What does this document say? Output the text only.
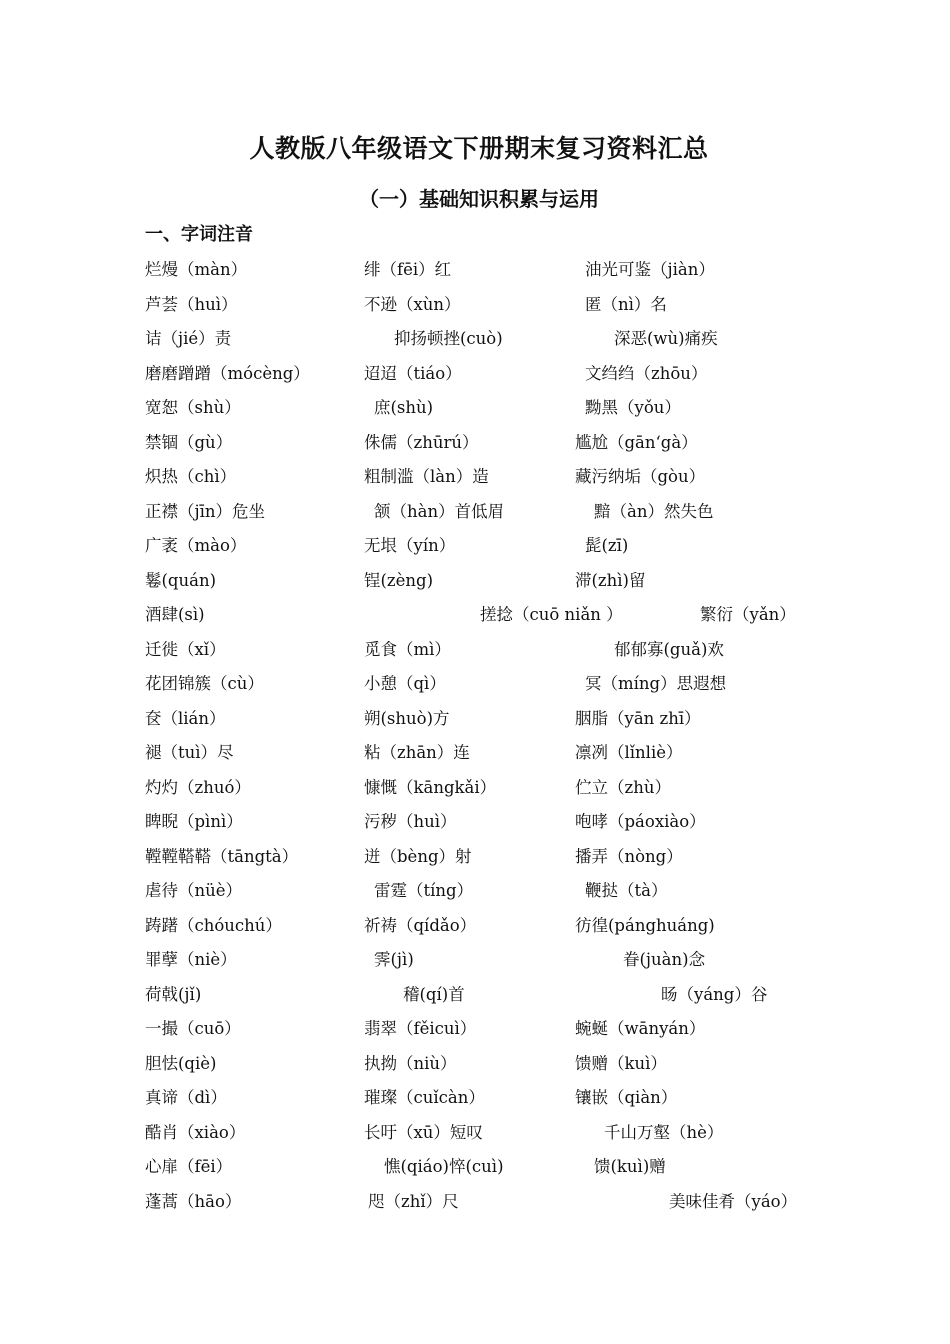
人教版八年级语文下册期末复习资料汇总
（一）基础知识积累与运用
一、字词注音
烂熳（màn）	绯（fēi）红	油光可鉴（jiàn）
芦荟（huì）	不逊（xùn）	匿（nì）名
诘（jié）责	抑扬顿挫(cuò)	深恶(wù)痛疾
磨磨蹭蹭（mócèng）	迢迢（tiáo）	文绉绉（zhōu）
宽恕（shù）	庶(shù)	黝黑（yǒu）
禁锢（gù）	侏儒（zhūrú）	尴尬（gān‘gà）
炽热（chì）	粗制滥（làn）造	藏污纳垢（gòu）
正襟（jīn）危坐	颔（hàn）首低眉	黯（àn）然失色
广袤（mào）	无垠（yín）	髭(zī)
鬈(quán)	锃(zèng)	滞(zhì)留
酒肆(sì)	搓捻（cuō niǎn ）	繁衍（yǎn）
迁徙（xǐ）	觅食（mì）	郁郁寡(guǎ)欢
花团锦簇（cù）	小憩（qì）	冥（míng）思遐想
奁（lián）	朔(shuò)方	胭脂（yān zhī）
褪（tuì）尽	粘（zhān）连	凛冽（lǐnliè）
灼灼（zhuó）	慷慨（kāngkǎi）	伫立（zhù）
睥睨（pìnì）	污秽（huì）	咆哮（páoxiào）
鞺鞺鞳鞳（tāngtà）	迸（bèng）射	播弄（nòng）
虐待（nüè）	雷霆（tíng）	鞭挞（tà）
踌躇（chóuchú）	祈祷（qídǎo）	彷徨(pánghuáng)
罪孽（niè）	霁(jì)	眷(juàn)念
荷戟(jǐ)	稽(qí)首	旸（yáng）谷
一撮（cuō）	翡翠（fěicuì）	蜿蜒（wānyán）
胆怯(qiè)	执拗（niù）	馈赠（kuì）
真谛（dì）	璀璨（cuǐcàn）	镶嵌（qiàn）
酷肖（xiào）	长吁（xū）短叹	千山万壑（hè）
心扉（fēi）	憔(qiáo)悴(cuì)	馈(kuì)赠
蓬蒿（hāo）	咫（zhǐ）尺	美味佳肴（yáo）
